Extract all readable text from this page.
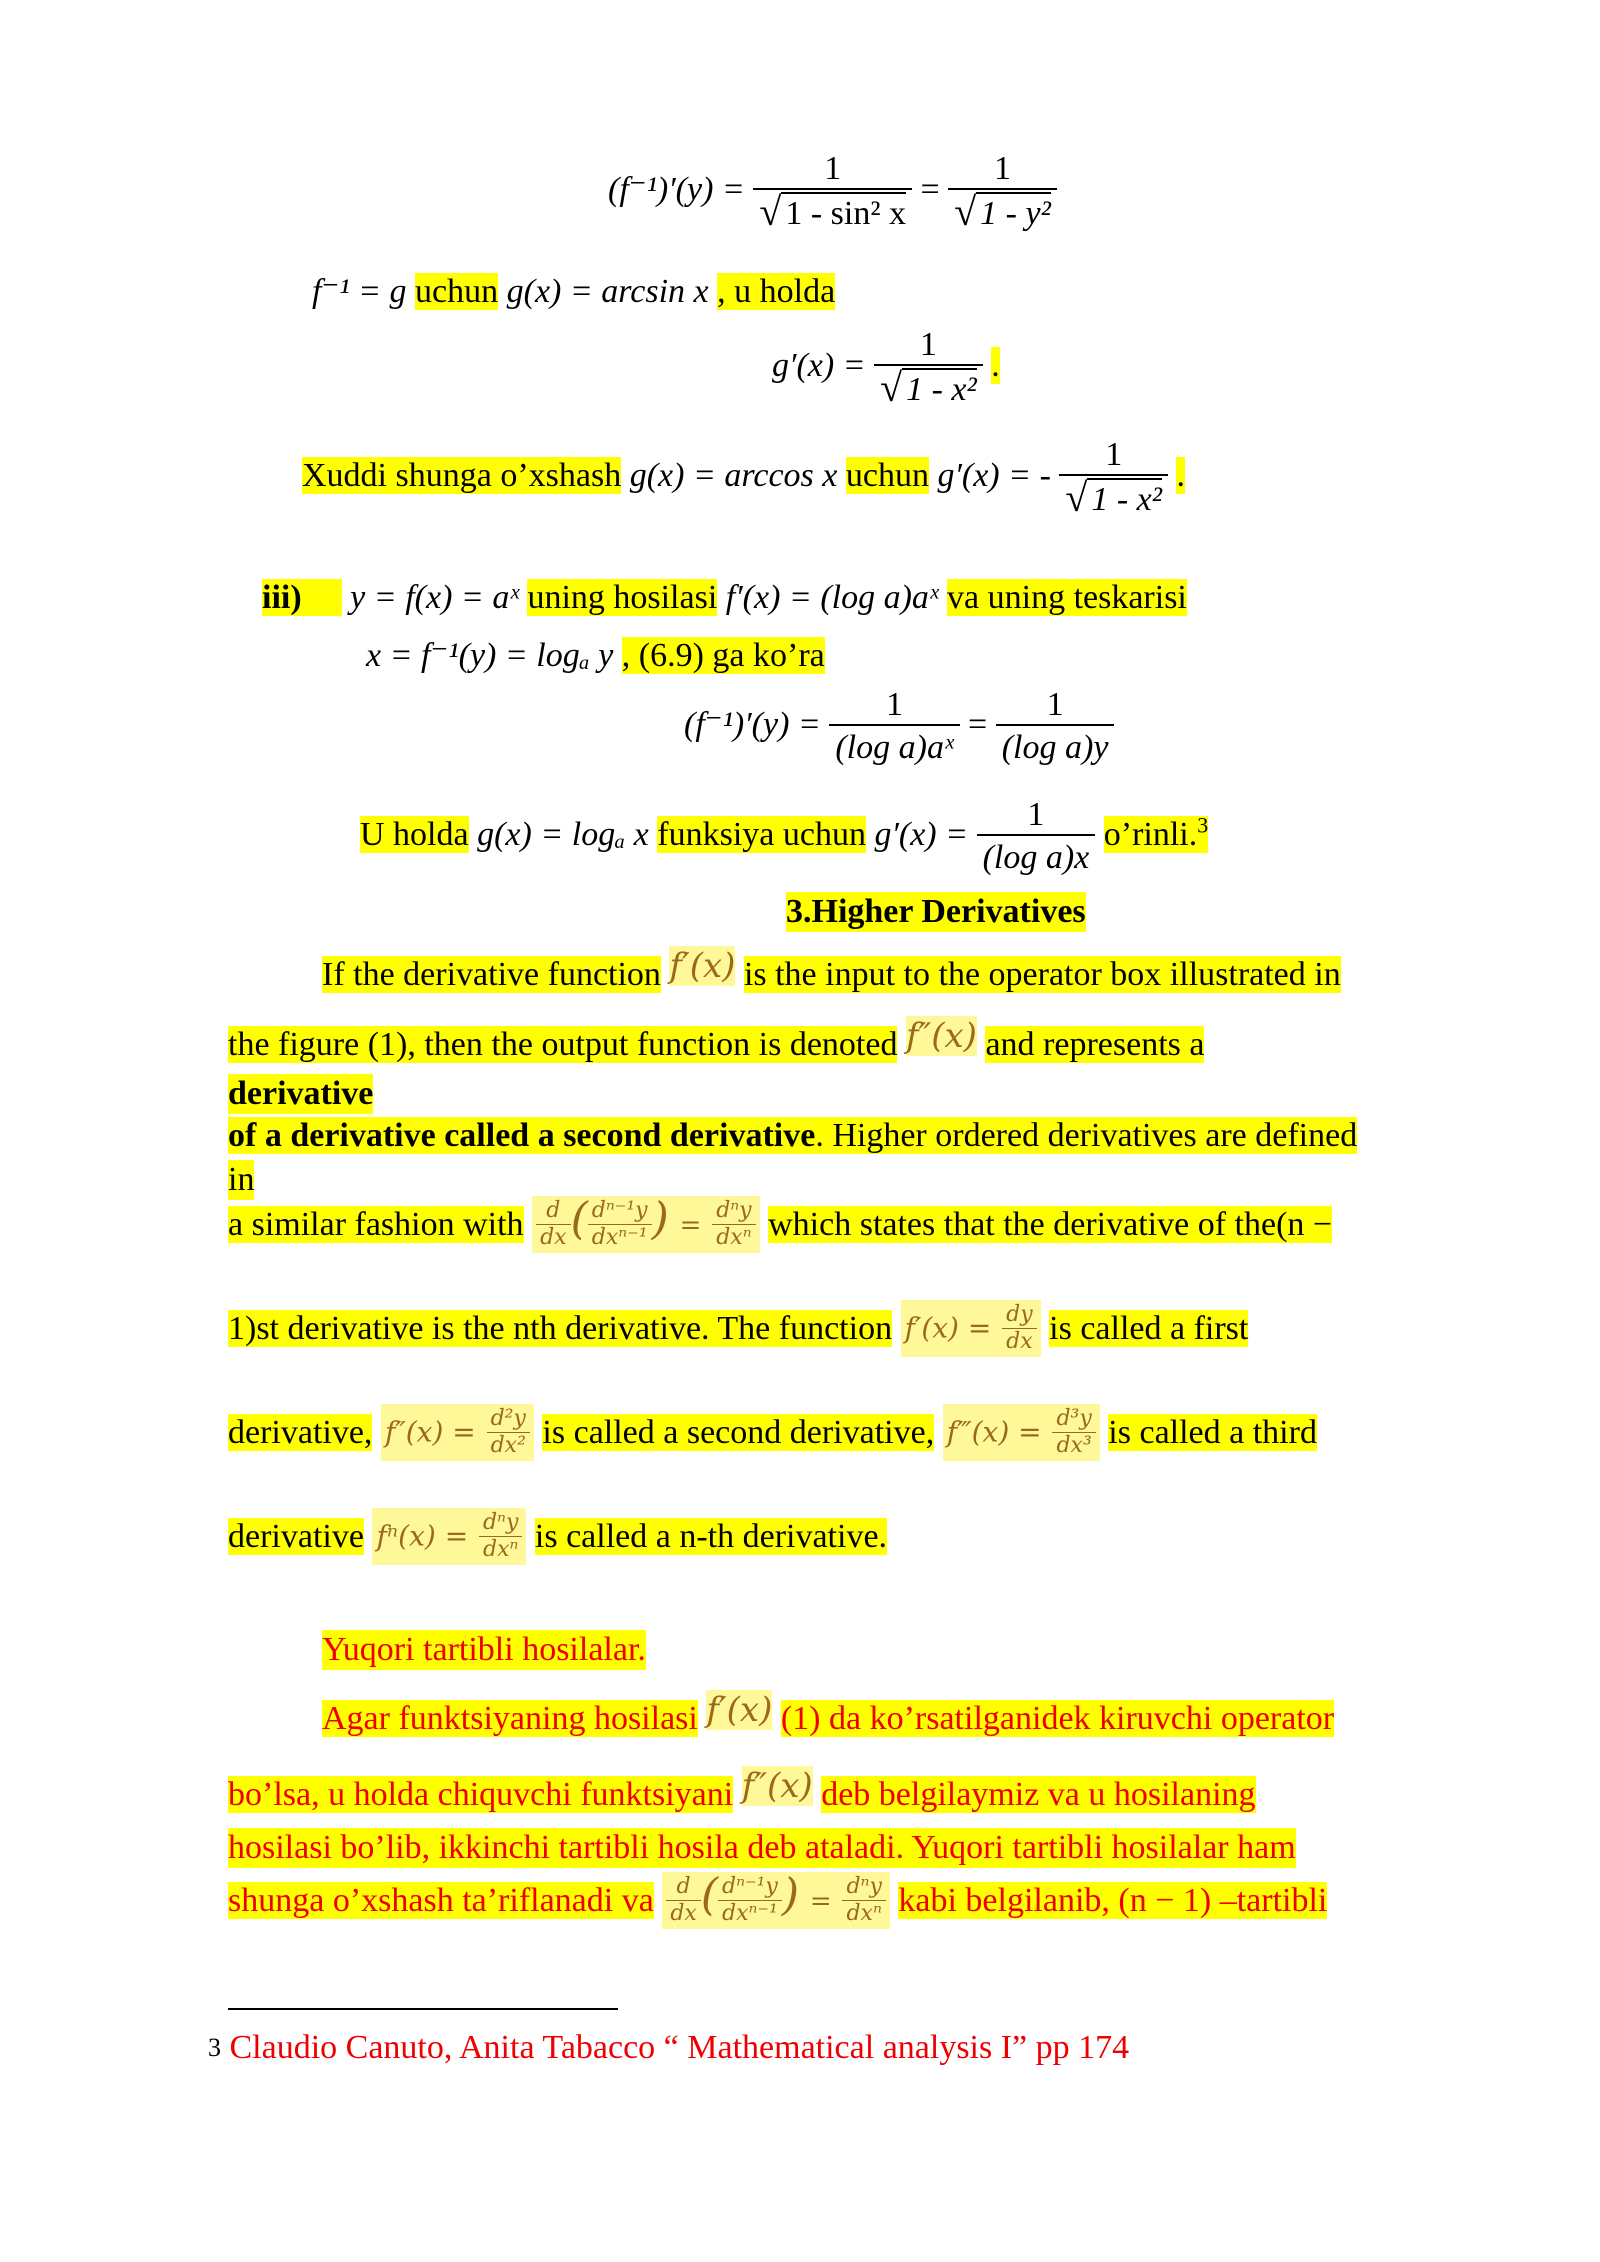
$(f^{-1})'(y) = \frac{1}{\text{√ 1 - sin² x}} = \frac{1}{\text{√ 1 - y²}}$
f⁻¹ = g uchun g(x) = arcsin x , u holda
$g'(x) = \frac{1}{\text{√ 1 - x²}}$ .
Xuddi shunga o’xshash g(x) = arccos x uchun g′(x) = - $\frac{1}{\text{√ 1 - x²}}$ .
iii) y = f(x) = aˣ uning hosilasi f′(x) = (log a)aˣ va uning teskarisi
x = f⁻¹(y) = logₐ y , (6.9) ga ko’ra
$(f^{-1})'(y) = \frac{1}{\text{(log a)aˣ}} = \frac{1}{\text{(log a)y}}$
U holda g(x) = logₐ x funksiya uchun $g'(x) = \frac{1}{\text{(log a)x}}$ o’rinli.$^3$
3.Higher Derivatives
If the derivative function f′(x) is the input to the operator box illustrated in
the figure (1), then the output function is denoted f″(x) and represents a
derivative
of a derivative called a second derivative. Higher ordered derivatives are defined
in
a similar fashion with $\frac{d}{dx}$ ( $\frac{\text{dⁿ⁻¹y}}{\text{dxⁿ⁻¹}}$ ) = $\frac{\text{dⁿy}}{\text{dxⁿ}}$ which states that the derivative of the(n −
1)st derivative is the nth derivative. The function $f'(x) = \frac{dy}{dx}$ is called a first
derivative, $f''(x) = \frac{\text{d²y}}{\text{dx²}}$ is called a second derivative, f‴(x) = $\frac{\text{d³y}}{\text{dx³}}$ is called a third
derivative $f^n(x) = \frac{\text{dⁿy}}{\text{dxⁿ}}$ is called a n-th derivative.
Yuqori tartibli hosilalar.
Agar funktsiyaning hosilasi f′(x) (1) da ko’rsatilganidek kiruvchi operator
bo’lsa, u holda chiquvchi funktsiyani f″(x) deb belgilaymiz va u hosilaning
hosilasi bo’lib, ikkinchi tartibli hosila deb ataladi. Yuqori tartibli hosilalar ham
shunga o’xshash ta’riflanadi va $\frac{d}{dx}$ ( $\frac{\text{dⁿ⁻¹y}}{\text{dxⁿ⁻¹}}$ ) = $\frac{\text{dⁿy}}{\text{dxⁿ}}$ kabi belgilanib, (n − 1) –tartibli
$^3$ Claudio Canuto, Anita Tabacco “ Mathematical analysis I” pp 174
